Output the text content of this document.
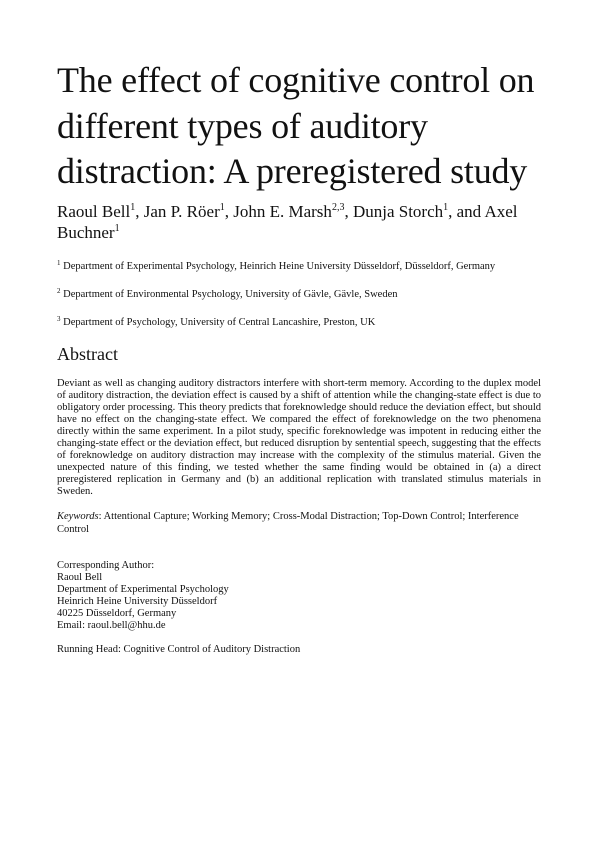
The effect of cognitive control on different types of auditory distraction: A preregistered study
Raoul Bell$^1$, Jan P. Röer$^1$, John E. Marsh$^{2,3}$, Dunja Storch$^1$, and Axel Buchner$^1$

$^1$ Department of Experimental Psychology, Heinrich Heine University Düsseldorf, Düsseldorf, Germany

$^2$ Department of Environmental Psychology, University of Gävle, Gävle, Sweden

$^3$ Department of Psychology, University of Central Lancashire, Preston, UK

Abstract
Deviant as well as changing auditory distractors interfere with short-term memory. According to the duplex model of auditory distraction, the deviation effect is caused by a shift of attention while the changing-state effect is due to obligatory order processing. This theory predicts that foreknowledge should reduce the deviation effect, but should have no effect on the changing-state effect. We compared the effect of foreknowledge on the two phenomena directly within the same experiment. In a pilot study, specific foreknowledge was impotent in reducing either the changing-state effect or the deviation effect, but reduced disruption by sentential speech, suggesting that the effects of foreknowledge on auditory distraction may increase with the complexity of the stimulus material. Given the unexpected nature of this finding, we tested whether the same finding would be obtained in (a) a direct preregistered replication in Germany and (b) an additional replication with translated stimulus materials in Sweden.
Keywords: Attentional Capture; Working Memory; Cross-Modal Distraction; Top-Down Control; Interference Control
Corresponding Author:
Raoul Bell
Department of Experimental Psychology
Heinrich Heine University Düsseldorf
40225 Düsseldorf, Germany
Email: raoul.bell@hhu.de
Running Head: Cognitive Control of Auditory Distraction
